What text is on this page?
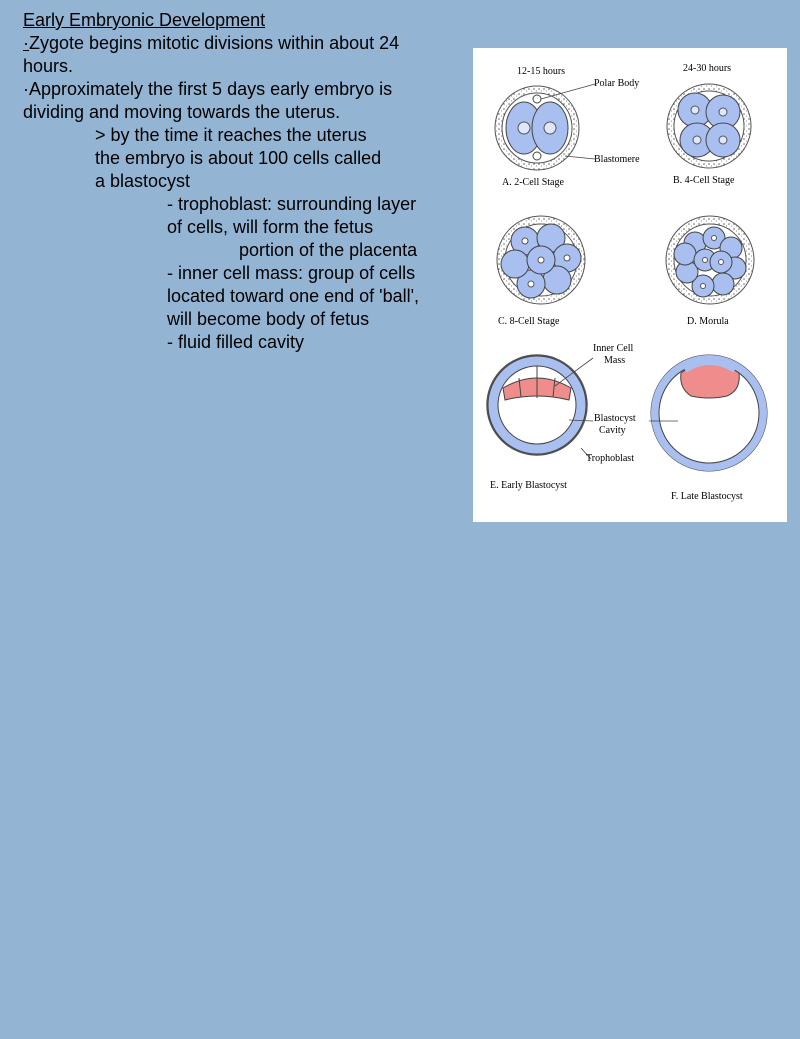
Early Embryonic Development
·Zygote begins mitotic divisions within about 24
hours.
·Approximately the first 5 days early embryo is
dividing and moving towards the uterus.
> by the time it reaches the uterus
the embryo is about 100 cells called
a blastocyst
- trophoblast: surrounding layer
of cells, will form the fetus
portion of the placenta
- inner cell mass: group of cells
located toward one end of 'ball',
will become body of fetus
- fluid filled cavity
12-15 hours	24-30 hours
Polar Body
Blastomere
A. 2-Cell Stage	B. 4-Cell Stage
C. 8-Cell Stage	D. Morula
Inner Cell
Mass
Blastocyst
Cavity
Trophoblast
E. Early Blastocyst
F. Late Blastocyst
